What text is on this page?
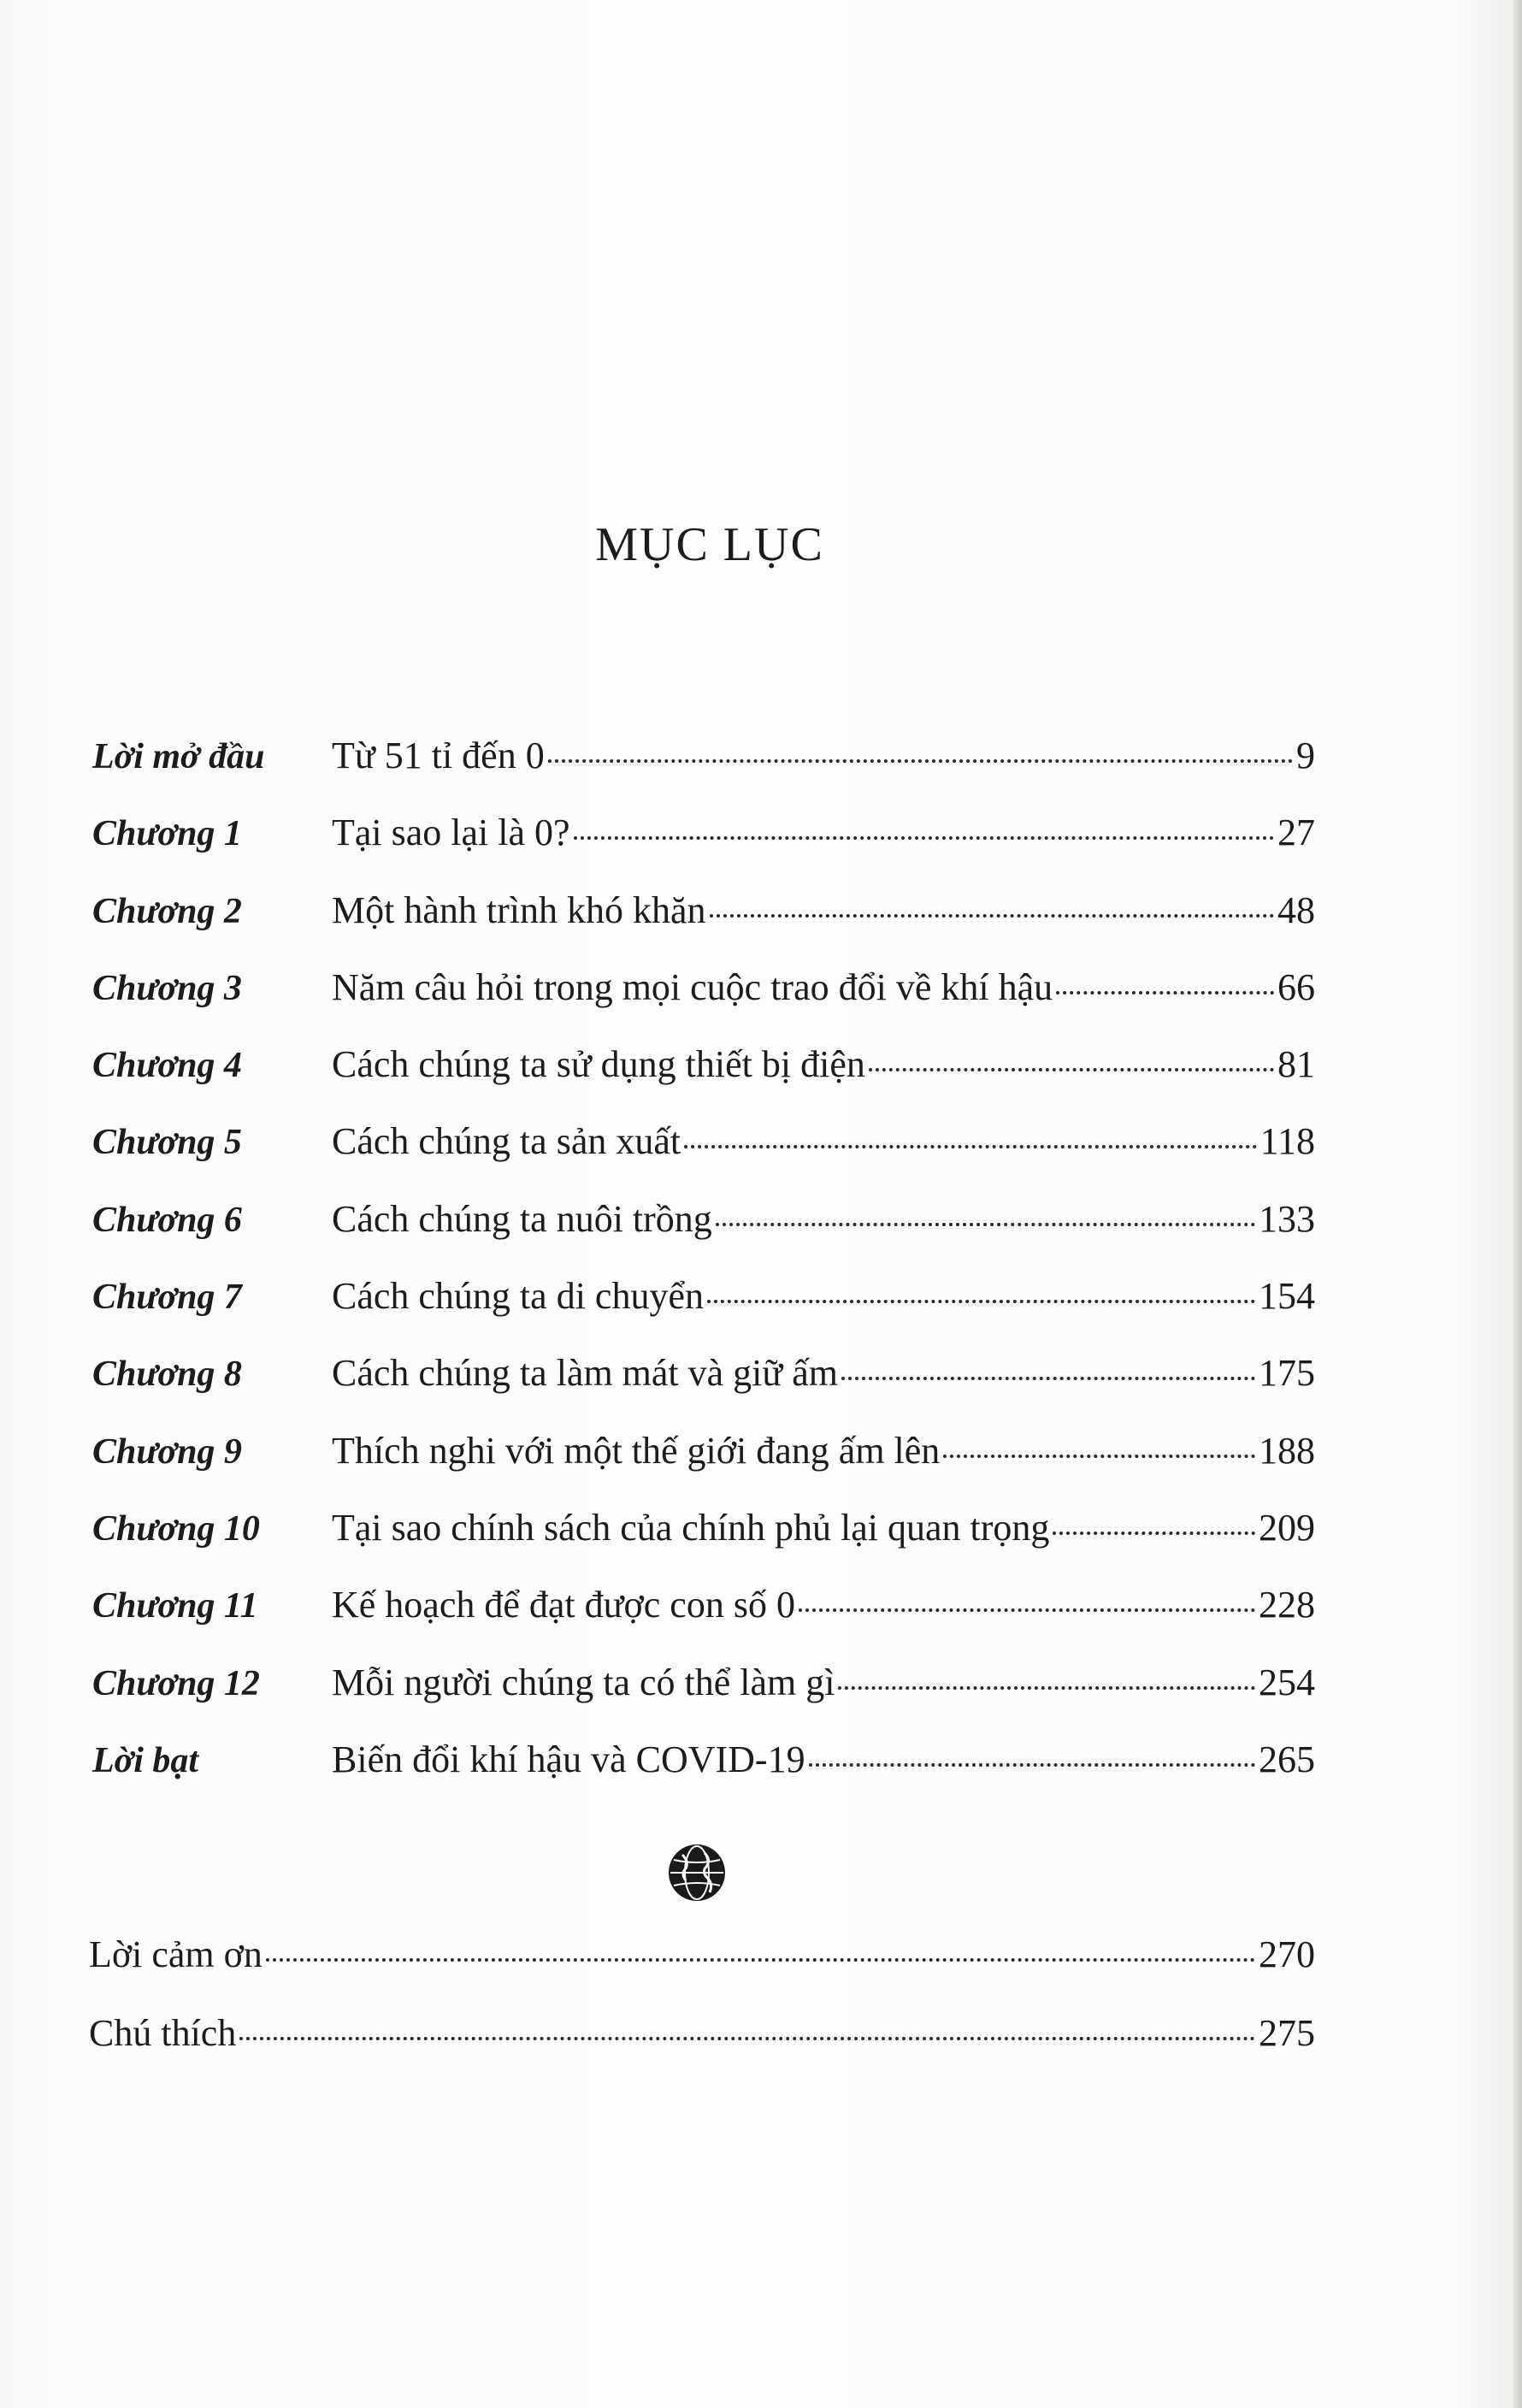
MỤC LỤC
Lời mở đầu	Từ 51 tỉ đến 0	9
Chương 1	Tại sao lại là 0?	27
Chương 2	Một hành trình khó khăn	48
Chương 3	Năm câu hỏi trong mọi cuộc trao đổi về khí hậu	66
Chương 4	Cách chúng ta sử dụng thiết bị điện	81
Chương 5	Cách chúng ta sản xuất	118
Chương 6	Cách chúng ta nuôi trồng	133
Chương 7	Cách chúng ta di chuyển	154
Chương 8	Cách chúng ta làm mát và giữ ấm	175
Chương 9	Thích nghi với một thế giới đang ấm lên	188
Chương 10	Tại sao chính sách của chính phủ lại quan trọng	209
Chương 11	Kế hoạch để đạt được con số 0	228
Chương 12	Mỗi người chúng ta có thể làm gì	254
Lời bạt	Biến đổi khí hậu và COVID-19	265
Lời cảm ơn	270
Chú thích	275
